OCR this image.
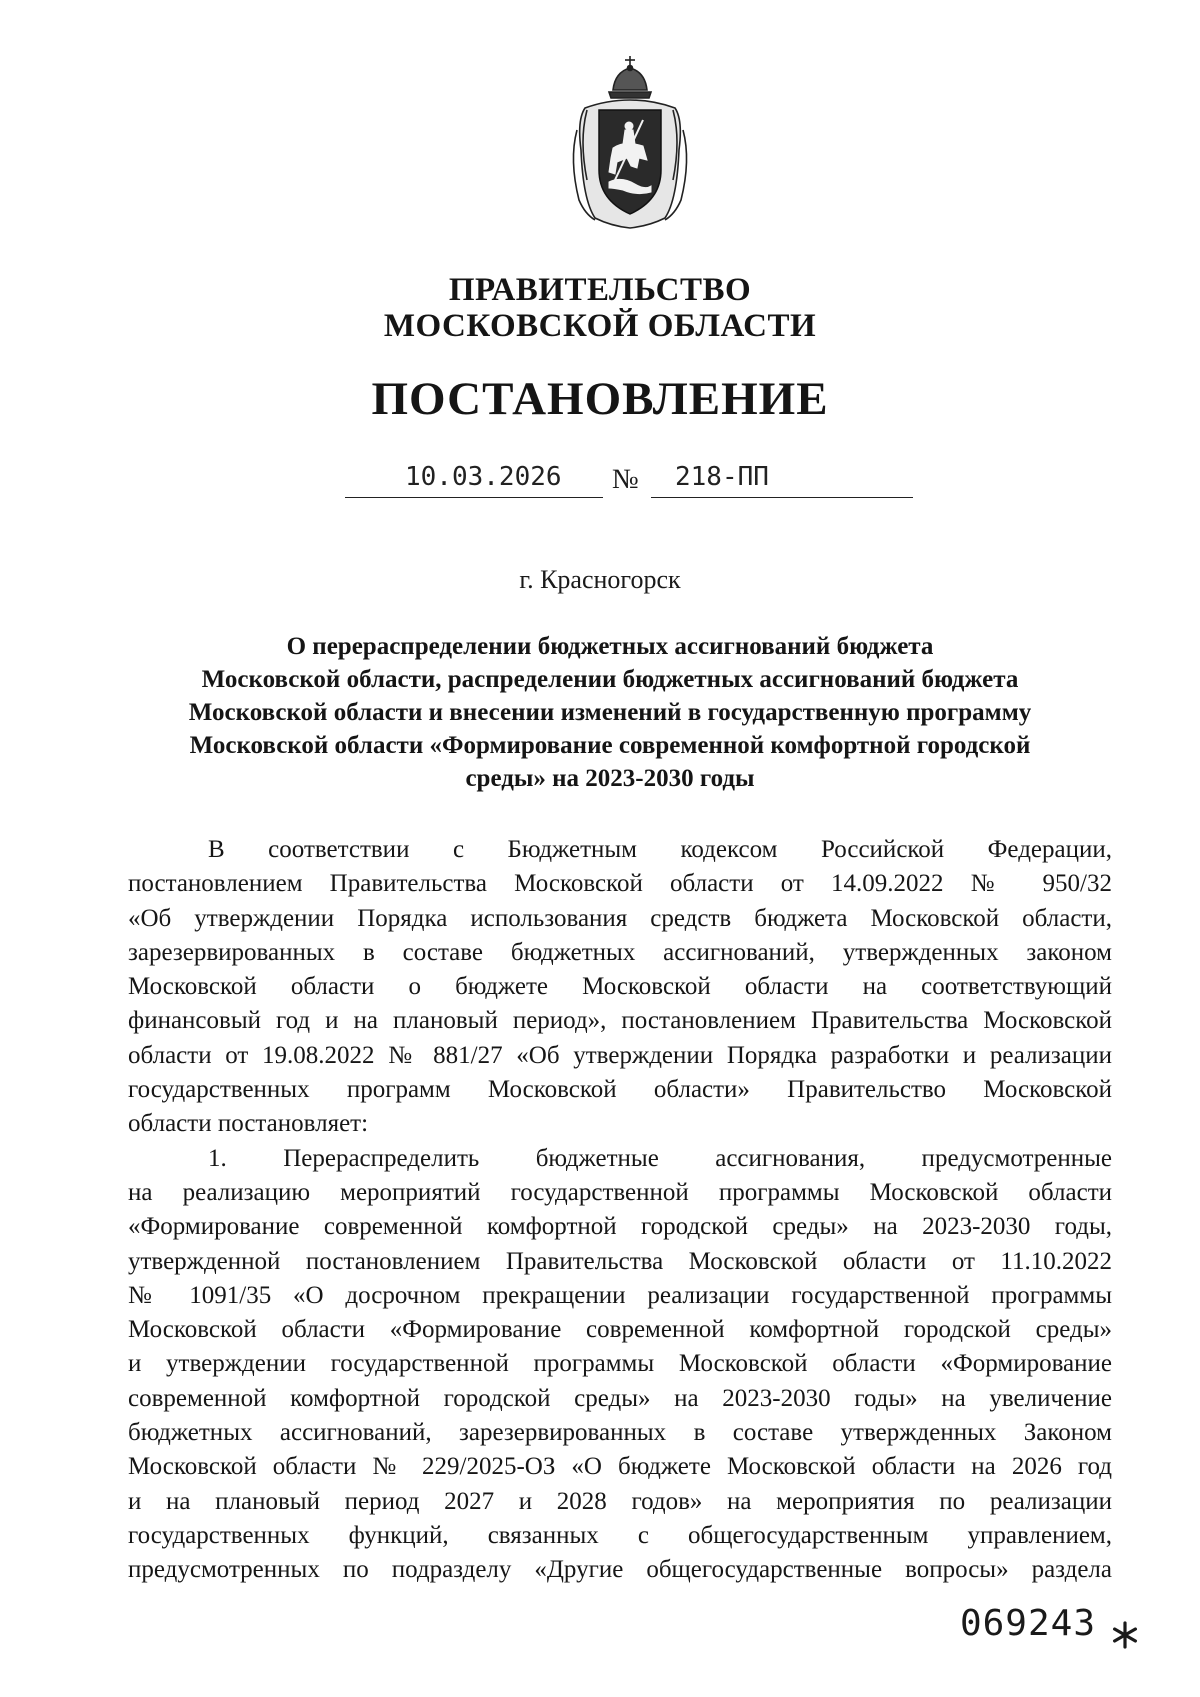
ПРАВИТЕЛЬСТВО
МОСКОВСКОЙ ОБЛАСТИ
ПОСТАНОВЛЕНИЕ
10.03.2026 № 218-ПП
г. Красногорск
О перераспределении бюджетных ассигнований бюджета
Московской области, распределении бюджетных ассигнований бюджета
Московской области и внесении изменений в государственную программу
Московской области «Формирование современной комфортной городской
среды» на 2023-2030 годы
В соответствии с Бюджетным кодексом Российской Федерации,
постановлением Правительства Московской области от 14.09.2022 № 950/32
«Об утверждении Порядка использования средств бюджета Московской области,
зарезервированных в составе бюджетных ассигнований, утвержденных законом
Московской области о бюджете Московской области на соответствующий
финансовый год и на плановый период», постановлением Правительства Московской
области от 19.08.2022 № 881/27 «Об утверждении Порядка разработки и реализации
государственных программ Московской области» Правительство Московской
области постановляет:
1. Перераспределить бюджетные ассигнования, предусмотренные
на реализацию мероприятий государственной программы Московской области
«Формирование современной комфортной городской среды» на 2023-2030 годы,
утвержденной постановлением Правительства Московской области от 11.10.2022
№ 1091/35 «О досрочном прекращении реализации государственной программы
Московской области «Формирование современной комфортной городской среды»
и утверждении государственной программы Московской области «Формирование
современной комфортной городской среды» на 2023-2030 годы» на увеличение
бюджетных ассигнований, зарезервированных в составе утвержденных Законом
Московской области № 229/2025-ОЗ «О бюджете Московской области на 2026 год
и на плановый период 2027 и 2028 годов» на мероприятия по реализации
государственных функций, связанных с общегосударственным управлением,
предусмотренных по подразделу «Другие общегосударственные вопросы» раздела
069243
